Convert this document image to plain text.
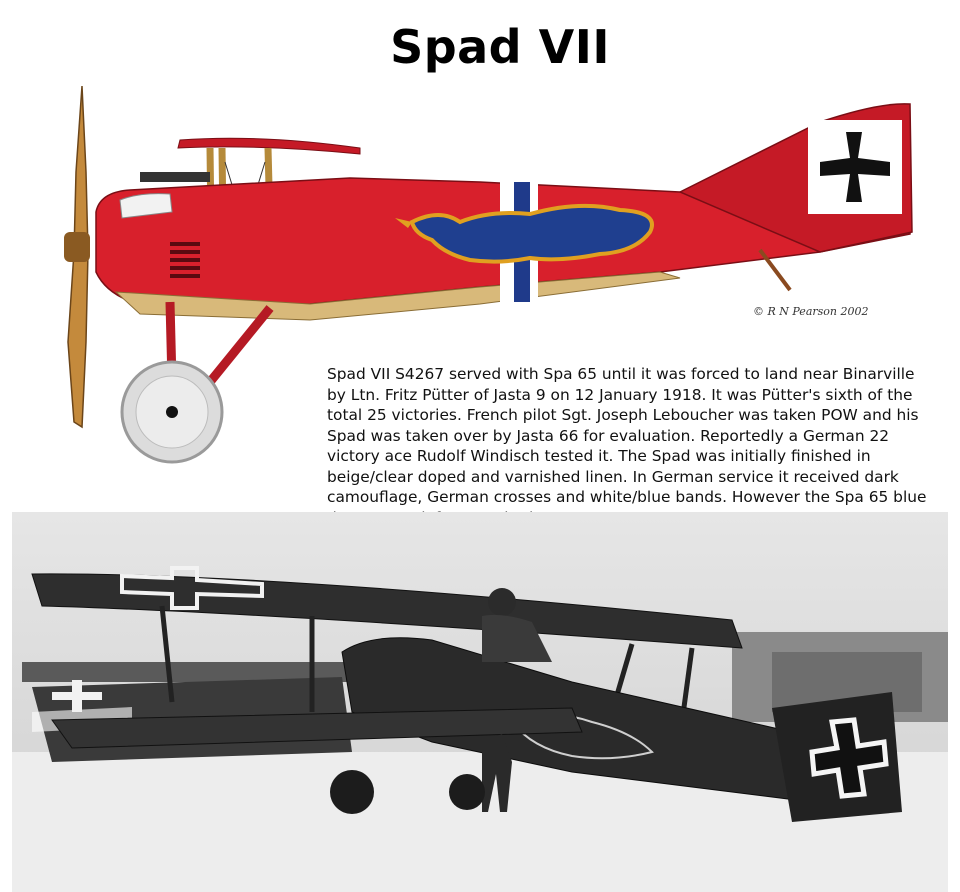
Spad VII
© R N Pearson 2002
Spad VII S4267 served with Spa 65 until it was forced to land near Binarville by Ltn. Fritz Pütter of Jasta 9 on 12 January 1918. It was Pütter's sixth of the total 25 victories. French pilot Sgt. Joseph Leboucher was taken POW and his Spad was taken over by Jasta 66 for evaluation. Reportedly a German 22 victory ace Rudolf Windisch tested it. The Spad was initially finished in beige/clear doped and varnished linen. In German service it received dark camouflage, German crosses and white/blue bands. However the Spa 65 blue
